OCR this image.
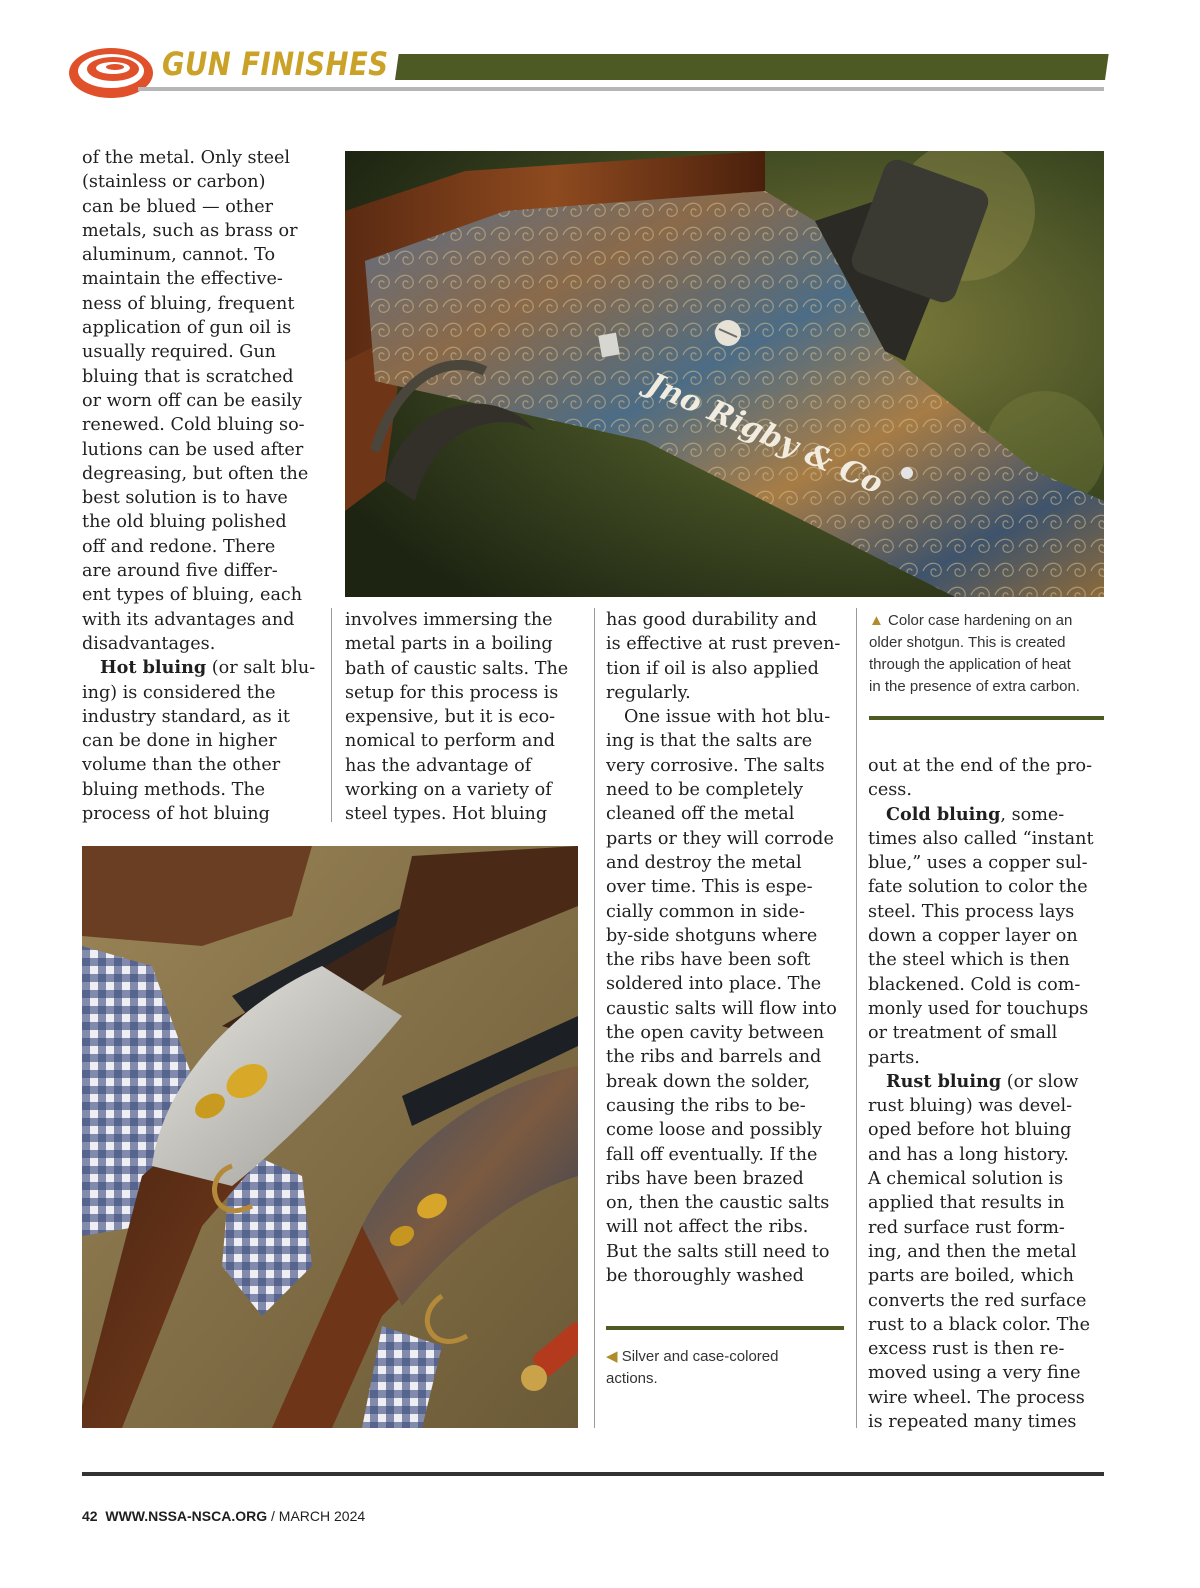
GUN FINISHES
of the metal. Only steel
(stainless or carbon)
can be blued — other
metals, such as brass or
aluminum, cannot. To
maintain the effective-
ness of bluing, frequent
application of gun oil is
usually required. Gun
bluing that is scratched
or worn off can be easily
renewed. Cold bluing so-
lutions can be used after
degreasing, but often the
best solution is to have
the old bluing polished
off and redone. There
are around five differ-
ent types of bluing, each
with its advantages and
disadvantages.
Hot bluing (or salt blu-
ing) is considered the
industry standard, as it
can be done in higher
volume than the other
bluing methods. The
process of hot bluing
Jno Rigby & Co
involves immersing the
metal parts in a boiling
bath of caustic salts. The
setup for this process is
expensive, but it is eco-
nomical to perform and
has the advantage of
working on a variety of
steel types. Hot bluing
has good durability and
is effective at rust preven-
tion if oil is also applied
regularly.
One issue with hot blu-
ing is that the salts are
very corrosive. The salts
need to be completely
cleaned off the metal
parts or they will corrode
and destroy the metal
over time. This is espe-
cially common in side-
by-side shotguns where
the ribs have been soft
soldered into place. The
caustic salts will flow into
the open cavity between
the ribs and barrels and
break down the solder,
causing the ribs to be-
come loose and possibly
fall off eventually. If the
ribs have been brazed
on, then the caustic salts
will not affect the ribs.
But the salts still need to
be thoroughly washed
◀ Silver and case-colored
actions.
▲ Color case hardening on an
older shotgun. This is created
through the application of heat
in the presence of extra carbon.
out at the end of the pro-
cess.
Cold bluing, some-
times also called “instant
blue,” uses a copper sul-
fate solution to color the
steel. This process lays
down a copper layer on
the steel which is then
blackened. Cold is com-
monly used for touchups
or treatment of small
parts.
Rust bluing (or slow
rust bluing) was devel-
oped before hot bluing
and has a long history.
A chemical solution is
applied that results in
red surface rust form-
ing, and then the metal
parts are boiled, which
converts the red surface
rust to a black color. The
excess rust is then re-
moved using a very fine
wire wheel. The process
is repeated many times
42 WWW.NSSA-NSCA.ORG / MARCH 2024
